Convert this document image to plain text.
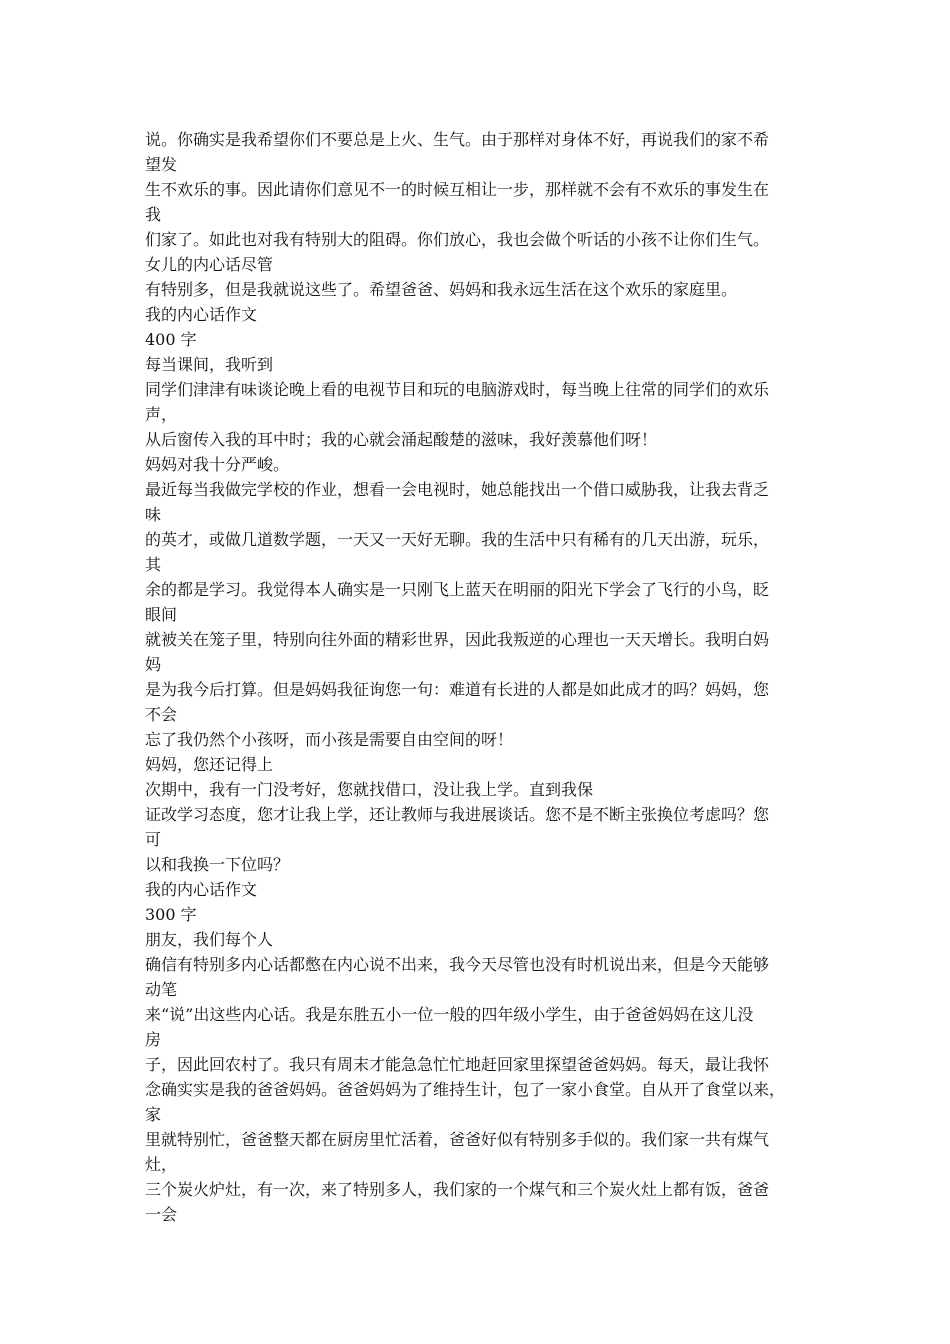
说。你确实是我希望你们不要总是上火、生气。由于那样对身体不好，再说我们的家不希
望发
生不欢乐的事。因此请你们意见不一的时候互相让一步，那样就不会有不欢乐的事发生在
我
们家了。如此也对我有特别大的阻碍。你们放心，我也会做个听话的小孩不让你们生气。
女儿的内心话尽管
有特别多，但是我就说这些了。希望爸爸、妈妈和我永远生活在这个欢乐的家庭里。
我的内心话作文
400 字
每当课间，我听到
同学们津津有味谈论晚上看的电视节目和玩的电脑游戏时，每当晚上往常的同学们的欢乐
声，
从后窗传入我的耳中时；我的心就会涌起酸楚的滋味，我好羡慕他们呀！
妈妈对我十分严峻。
最近每当我做完学校的作业，想看一会电视时，她总能找出一个借口威胁我，让我去背乏
味
的英才，或做几道数学题，一天又一天好无聊。我的生活中只有稀有的几天出游，玩乐，
其
余的都是学习。我觉得本人确实是一只刚飞上蓝天在明丽的阳光下学会了飞行的小鸟，眨
眼间
就被关在笼子里，特别向往外面的精彩世界，因此我叛逆的心理也一天天增长。我明白妈
妈
是为我今后打算。但是妈妈我征询您一句：难道有长进的人都是如此成才的吗？妈妈，您
不会
忘了我仍然个小孩呀，而小孩是需要自由空间的呀！
妈妈，您还记得上
次期中，我有一门没考好，您就找借口，没让我上学。直到我保
证改学习态度，您才让我上学，还让教师与我进展谈话。您不是不断主张换位考虑吗？您
可
以和我换一下位吗？
我的内心话作文
300 字
朋友，我们每个人
确信有特别多内心话都憋在内心说不出来，我今天尽管也没有时机说出来，但是今天能够
动笔
来“说”出这些内心话。我是东胜五小一位一般的四年级小学生，由于爸爸妈妈在这儿没
房
子，因此回农村了。我只有周末才能急急忙忙地赶回家里探望爸爸妈妈。每天，最让我怀
念确实实是我的爸爸妈妈。爸爸妈妈为了维持生计，包了一家小食堂。自从开了食堂以来，
家
里就特别忙，爸爸整天都在厨房里忙活着，爸爸好似有特别多手似的。我们家一共有煤气
灶，
三个炭火炉灶，有一次，来了特别多人，我们家的一个煤气和三个炭火灶上都有饭，爸爸
一会
